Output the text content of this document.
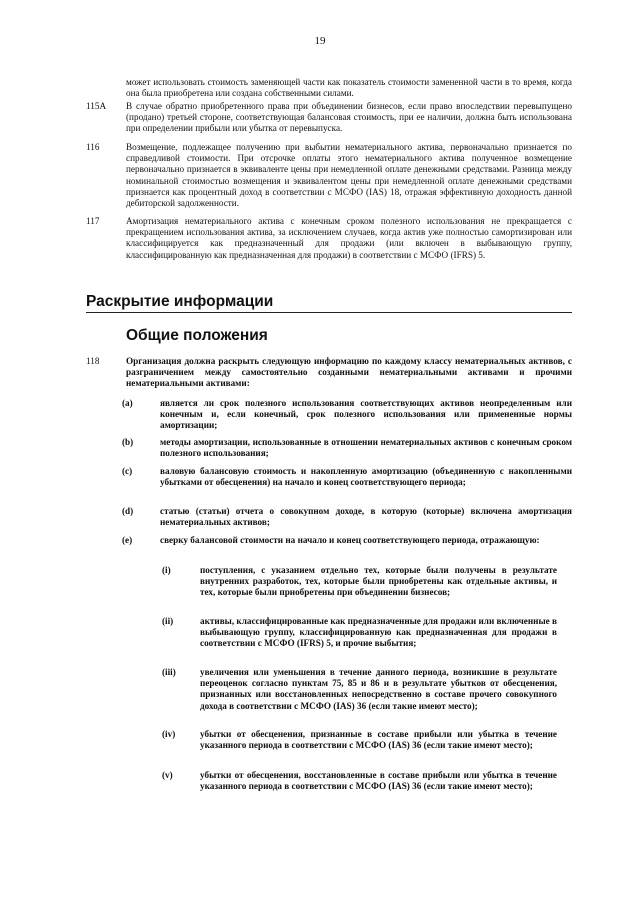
19
может использовать стоимость заменяющей части как показатель стоимости замененной части в то время, когда она была приобретена или создана собственными силами.
115A В случае обратно приобретенного права при объединении бизнесов, если право впоследствии перевыпущено (продано) третьей стороне, соответствующая балансовая стоимость, при ее наличии, должна быть использована при определении прибыли или убытка от перевыпуска.
116	Возмещение, подлежащее получению при выбытии нематериального актива, первоначально признается по справедливой стоимости. При отсрочке оплаты этого нематериального актива полученное возмещение первоначально признается в эквиваленте цены при немедленной оплате денежными средствами. Разница между номинальной стоимостью возмещения и эквивалентом цены при немедленной оплате денежными средствами признается как процентный доход в соответствии с МСФО (IAS) 18, отражая эффективную доходность данной дебиторской задолженности.
117	Амортизация нематериального актива с конечным сроком полезного использования не прекращается с прекращением использования актива, за исключением случаев, когда актив уже полностью самортизирован или классифицируется как предназначенный для продажи (или включен в выбывающую группу, классифицированную как предназначенная для продажи) в соответствии с МСФО (IFRS) 5.
Раскрытие информации
Общие положения
118	Организация должна раскрыть следующую информацию по каждому классу нематериальных активов, с разграничением между самостоятельно созданными нематериальными активами и прочими нематериальными активами:
(a)	является ли срок полезного использования соответствующих активов неопределенным или конечным и, если конечный, срок полезного использования или примененные нормы амортизации;
(b)	методы амортизации, использованные в отношении нематериальных активов с конечным сроком полезного использования;
(c)	валовую балансовую стоимость и накопленную амортизацию (объединенную с накопленными убытками от обесценения) на начало и конец соответствующего периода;
(d)	статью (статьи) отчета о совокупном доходе, в которую (которые) включена амортизация нематериальных активов;
(e)	сверку балансовой стоимости на начало и конец соответствующего периода, отражающую:
(i)	поступления, с указанием отдельно тех, которые были получены в результате внутренних разработок, тех, которые были приобретены как отдельные активы, и тех, которые были приобретены при объединении бизнесов;
(ii)	активы, классифицированные как предназначенные для продажи или включенные в выбывающую группу, классифицированную как предназначенная для продажи в соответствии с МСФО (IFRS) 5, и прочие выбытия;
(iii)	увеличения или уменьшения в течение данного периода, возникшие в результате переоценок согласно пунктам 75, 85 и 86 и в результате убытков от обесценения, признанных или восстановленных непосредственно в составе прочего совокупного дохода в соответствии с МСФО (IAS) 36 (если такие имеют место);
(iv)	убытки от обесценения, признанные в составе прибыли или убытка в течение указанного периода в соответствии с МСФО (IAS) 36 (если такие имеют место);
(v)	убытки от обесценения, восстановленные в составе прибыли или убытка в течение указанного периода в соответствии с МСФО (IAS) 36 (если такие имеют место);
